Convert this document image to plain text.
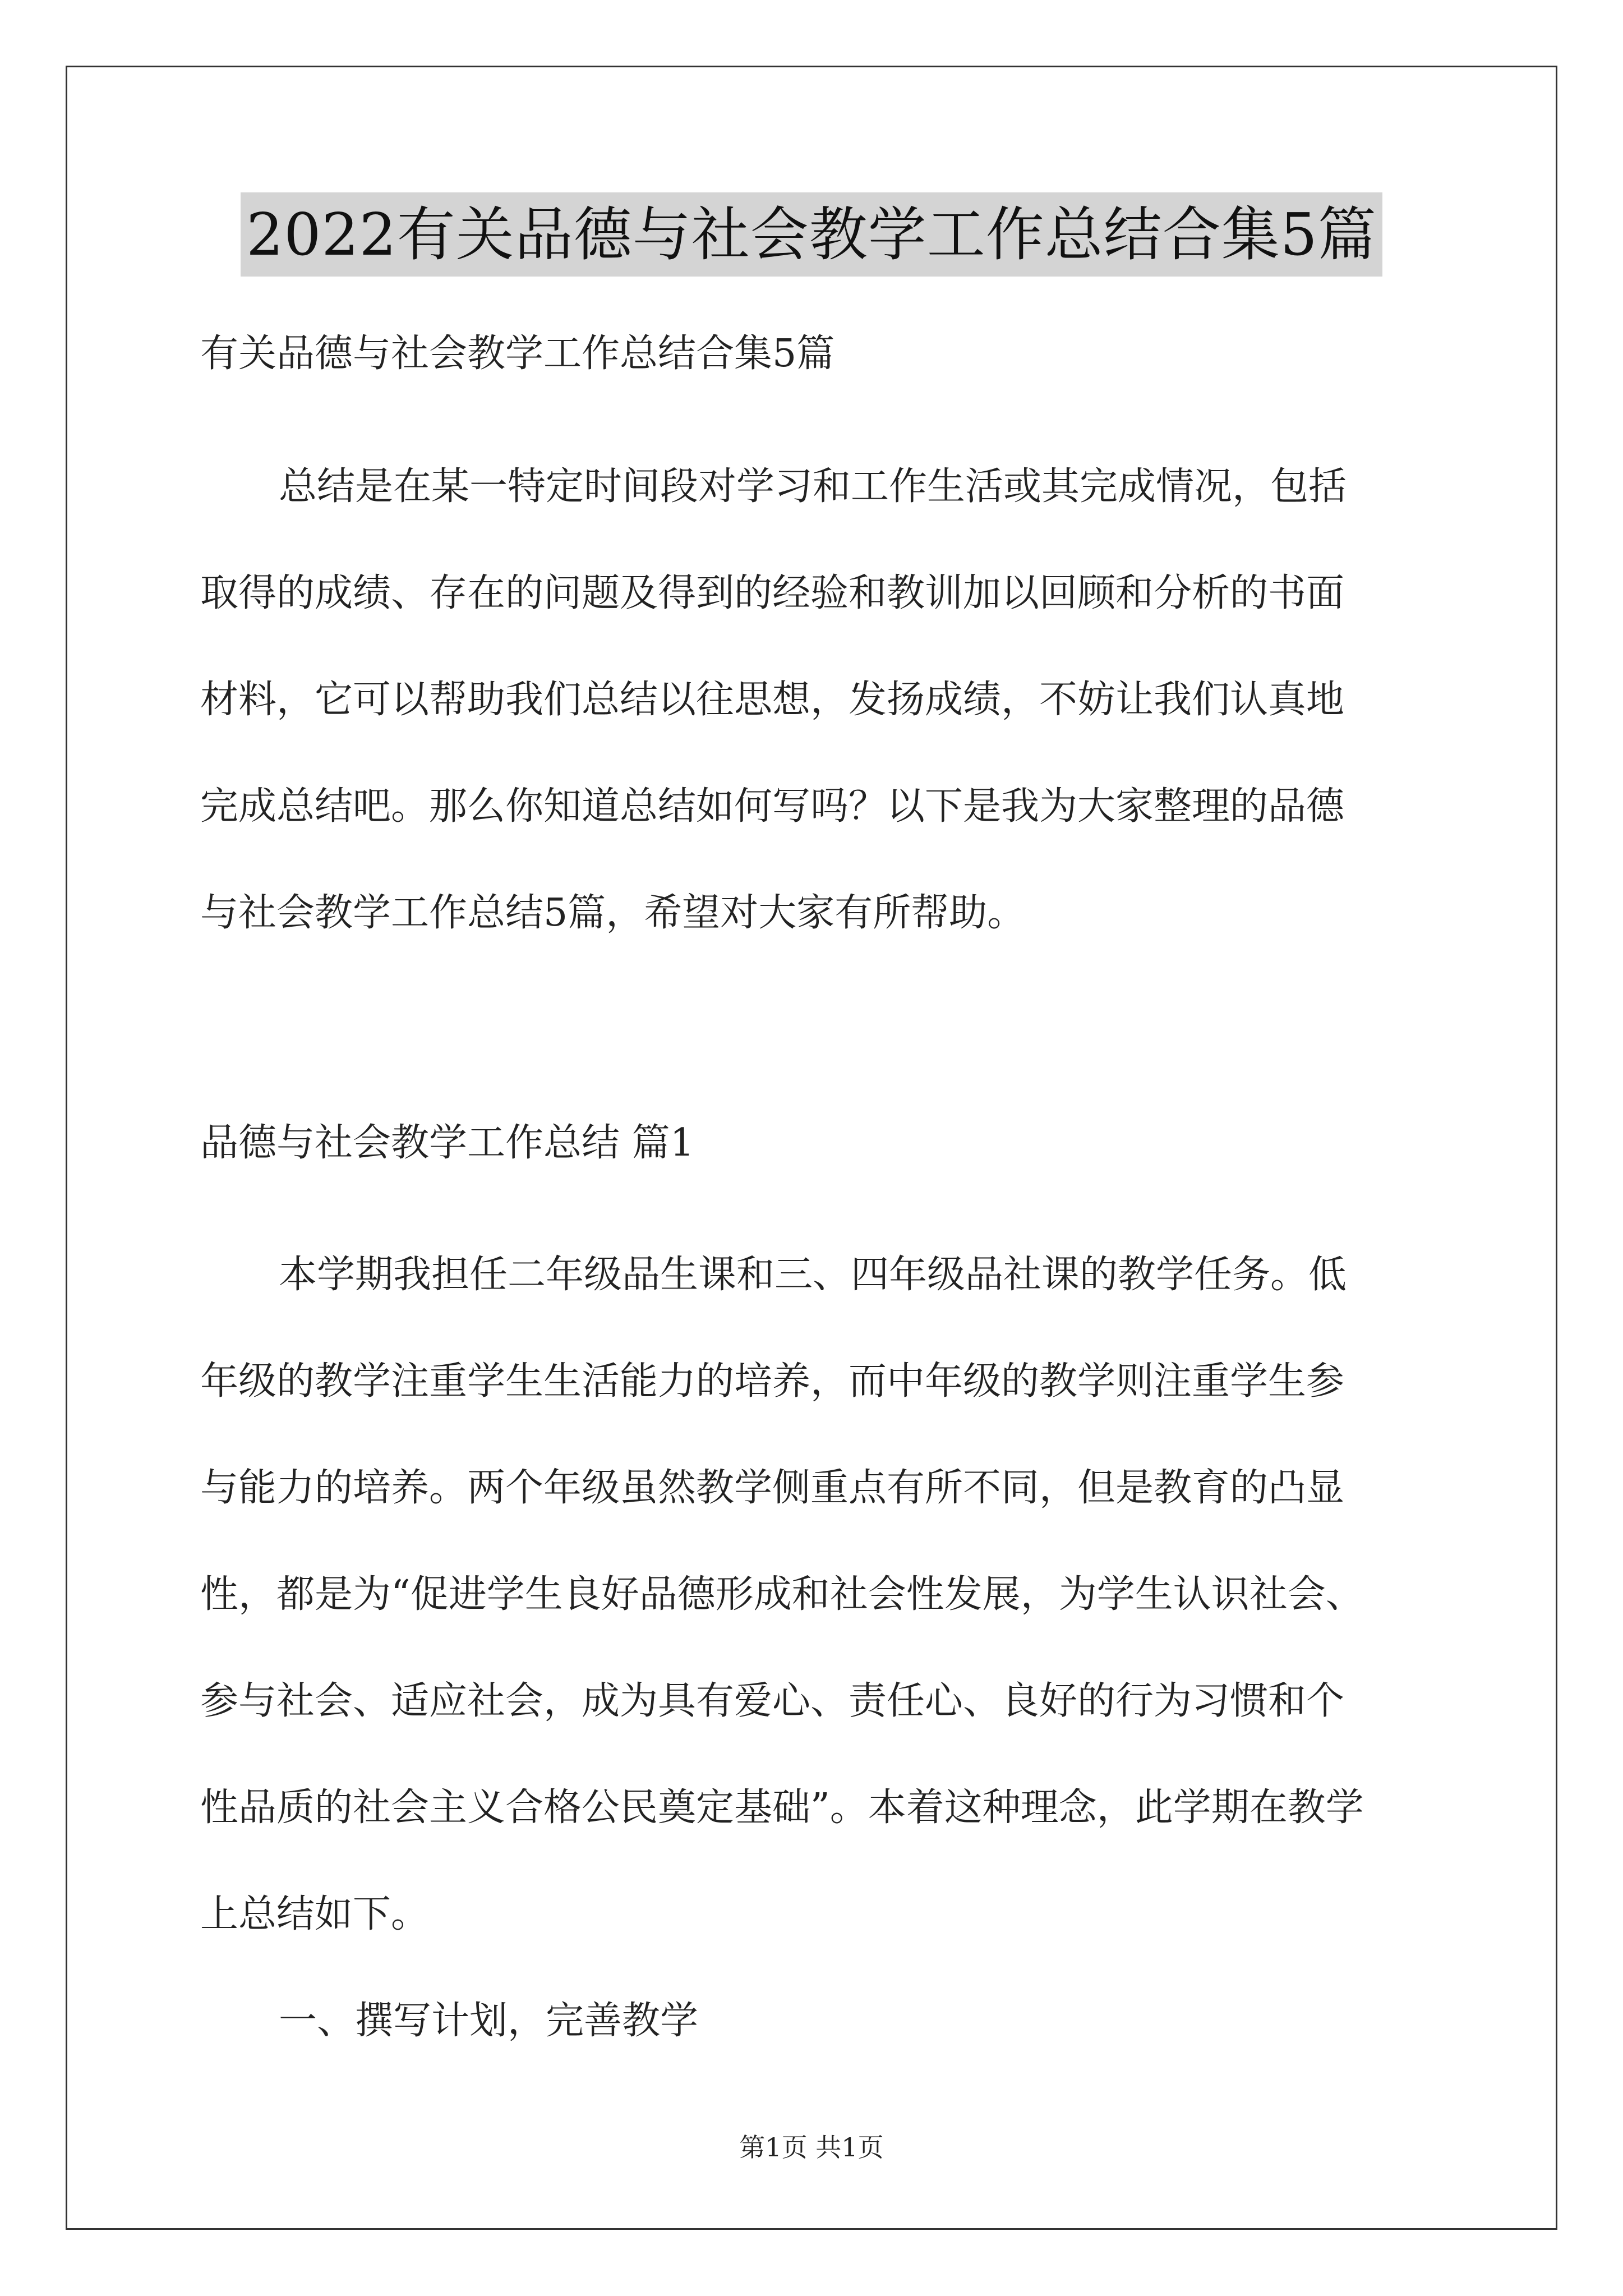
2022有关品德与社会教学工作总结合集5篇
有关品德与社会教学工作总结合集5篇
总结是在某一特定时间段对学习和工作生活或其完成情况，包括
取得的成绩、存在的问题及得到的经验和教训加以回顾和分析的书面
材料，它可以帮助我们总结以往思想，发扬成绩，不妨让我们认真地
完成总结吧。那么你知道总结如何写吗？以下是我为大家整理的品德
与社会教学工作总结5篇，希望对大家有所帮助。
品德与社会教学工作总结 篇1
本学期我担任二年级品生课和三、四年级品社课的教学任务。低
年级的教学注重学生生活能力的培养，而中年级的教学则注重学生参
与能力的培养。两个年级虽然教学侧重点有所不同，但是教育的凸显
性，都是为“促进学生良好品德形成和社会性发展，为学生认识社会、
参与社会、适应社会，成为具有爱心、责任心、良好的行为习惯和个
性品质的社会主义合格公民奠定基础”。本着这种理念，此学期在教学
上总结如下。
一、撰写计划，完善教学
第1页 共1页
